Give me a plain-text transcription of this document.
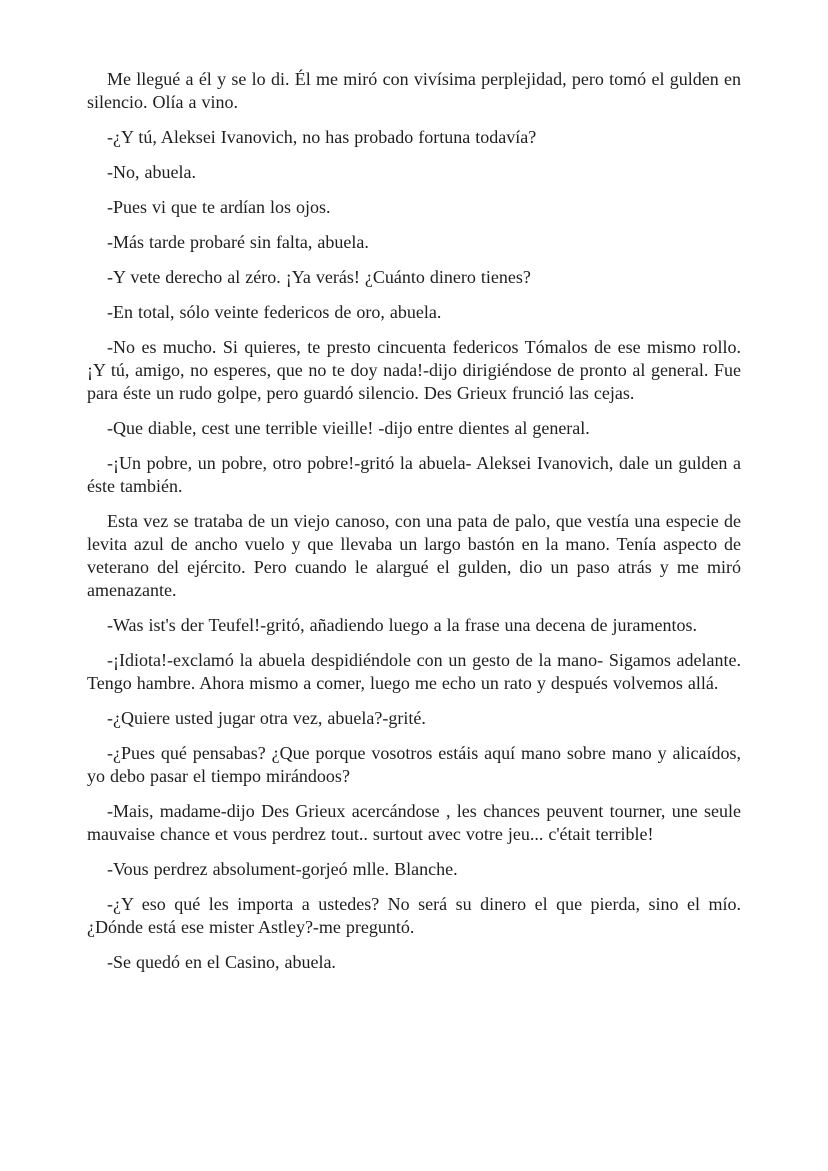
Me llegué a él y se lo di. Él me miró con vivísima perplejidad, pero tomó el gulden en silencio. Olía a vino.

-¿Y tú, Aleksei Ivanovich, no has probado fortuna todavía?

-No, abuela.

-Pues vi que te ardían los ojos.

-Más tarde probaré sin falta, abuela.

-Y vete derecho al zéro. ¡Ya verás! ¿Cuánto dinero tienes?

-En total, sólo veinte federicos de oro, abuela.

-No es mucho. Si quieres, te presto cincuenta federicos Tómalos de ese mismo rollo. ¡Y tú, amigo, no esperes, que no te doy nada!-dijo dirigiéndose de pronto al general. Fue para éste un rudo golpe, pero guardó silencio. Des Grieux frunció las cejas.

-Que diable, cest une terrible vieille! -dijo entre dientes al general.

-¡Un pobre, un pobre, otro pobre!-gritó la abuela- Aleksei Ivanovich, dale un gulden a éste también.

Esta vez se trataba de un viejo canoso, con una pata de palo, que vestía una especie de levita azul de ancho vuelo y que llevaba un largo bastón en la mano. Tenía aspecto de veterano del ejército. Pero cuando le alargué el gulden, dio un paso atrás y me miró amenazante.

-Was ist's der Teufel!-gritó, añadiendo luego a la frase una decena de juramentos.

-¡Idiota!-exclamó la abuela despidiéndole con un gesto de la mano- Sigamos adelante. Tengo hambre. Ahora mismo a comer, luego me echo un rato y después volvemos allá.

-¿Quiere usted jugar otra vez, abuela?-grité.

-¿Pues qué pensabas? ¿Que porque vosotros estáis aquí mano sobre mano y alicaídos, yo debo pasar el tiempo mirándoos?

-Mais, madame-dijo Des Grieux acercándose , les chances peuvent tourner, une seule mauvaise chance et vous perdrez tout.. surtout avec votre jeu... c'était terrible!

-Vous perdrez absolument-gorjeó mlle. Blanche.

-¿Y eso qué les importa a ustedes? No será su dinero el que pierda, sino el mío. ¿Dónde está ese mister Astley?-me preguntó.

-Se quedó en el Casino, abuela.
